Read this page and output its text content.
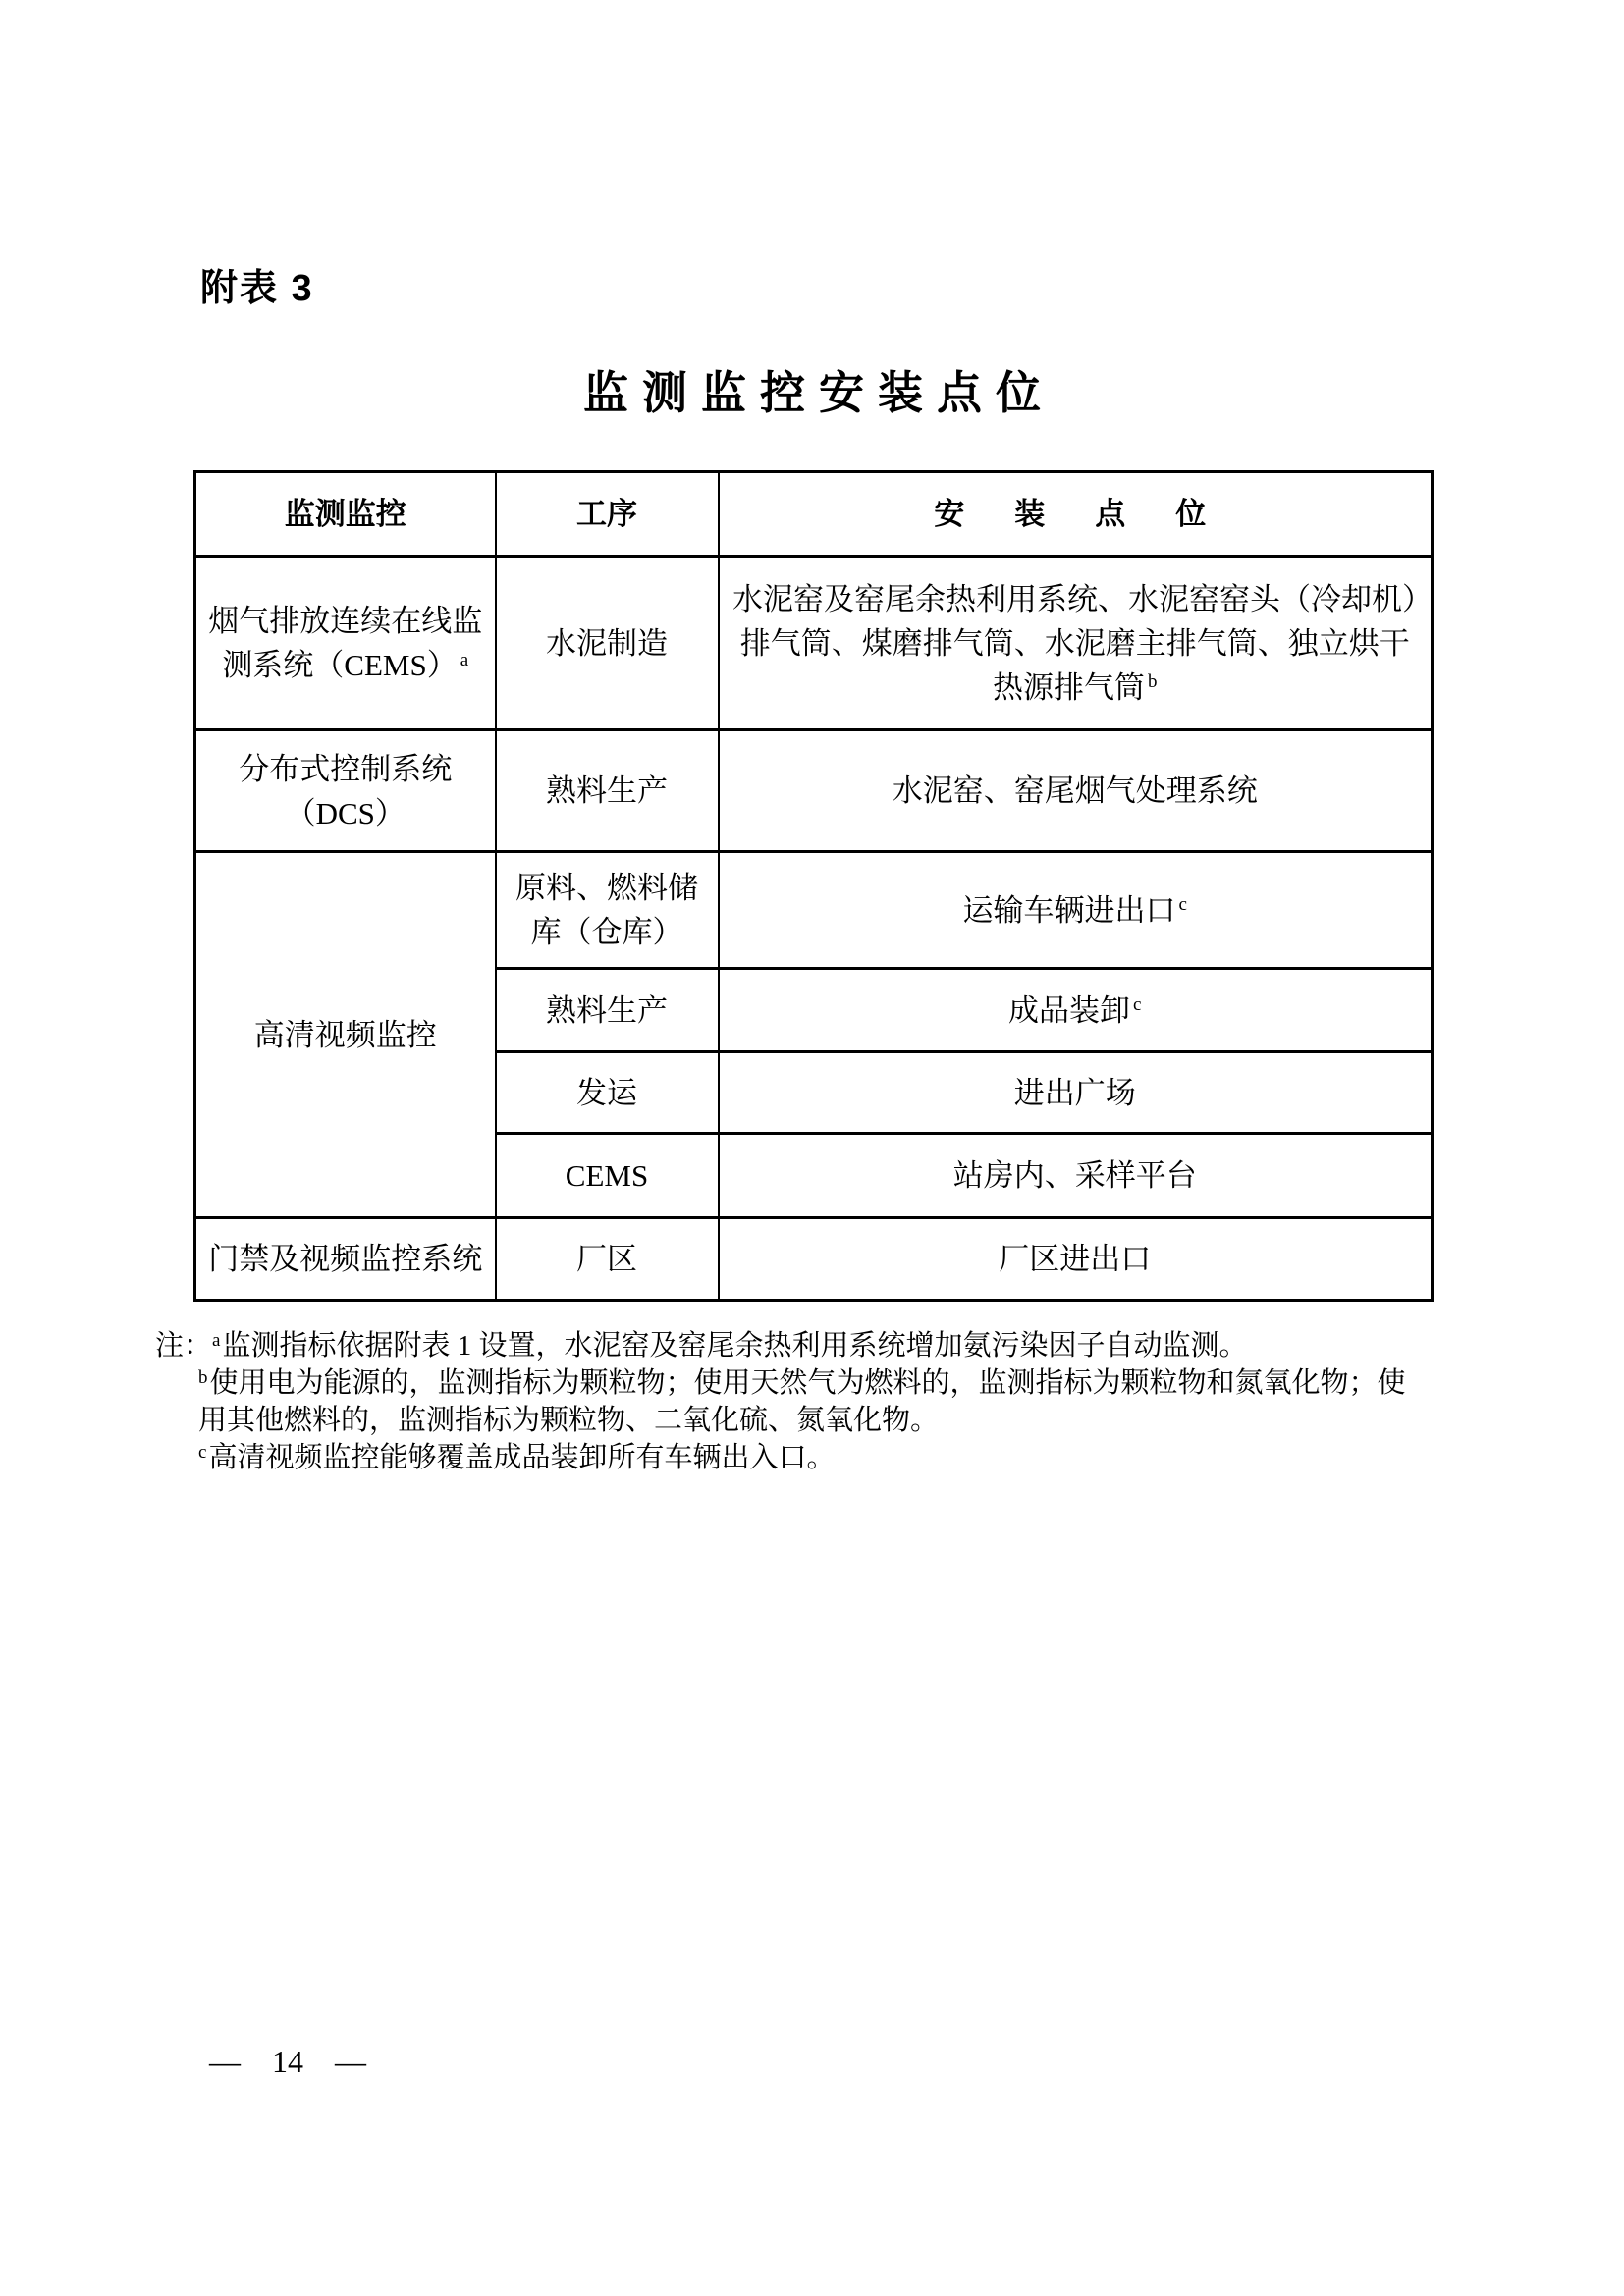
附表 3
监测监控安装点位
监测监控	工序	安　装　点　位
烟气排放连续在线监测系统（CEMS） a	水泥制造	水泥窑及窑尾余热利用系统、水泥窑窑头（冷却机）排气筒、煤磨排气筒、水泥磨主排气筒、独立烘干热源排气筒 b
分布式控制系统（DCS）	熟料生产	水泥窑、窑尾烟气处理系统
高清视频监控	原料、燃料储库（仓库）	运输车辆进出口 c
	熟料生产	成品装卸 c
	发运	进出广场
	CEMS	站房内、采样平台
门禁及视频监控系统	厂区	厂区进出口
注：a监测指标依据附表 1 设置，水泥窑及窑尾余热利用系统增加氨污染因子自动监测。
b使用电为能源的，监测指标为颗粒物；使用天然气为燃料的，监测指标为颗粒物和氮氧化物；使用其他燃料的，监测指标为颗粒物、二氧化硫、氮氧化物。
c高清视频监控能够覆盖成品装卸所有车辆出入口。
— 14 —
